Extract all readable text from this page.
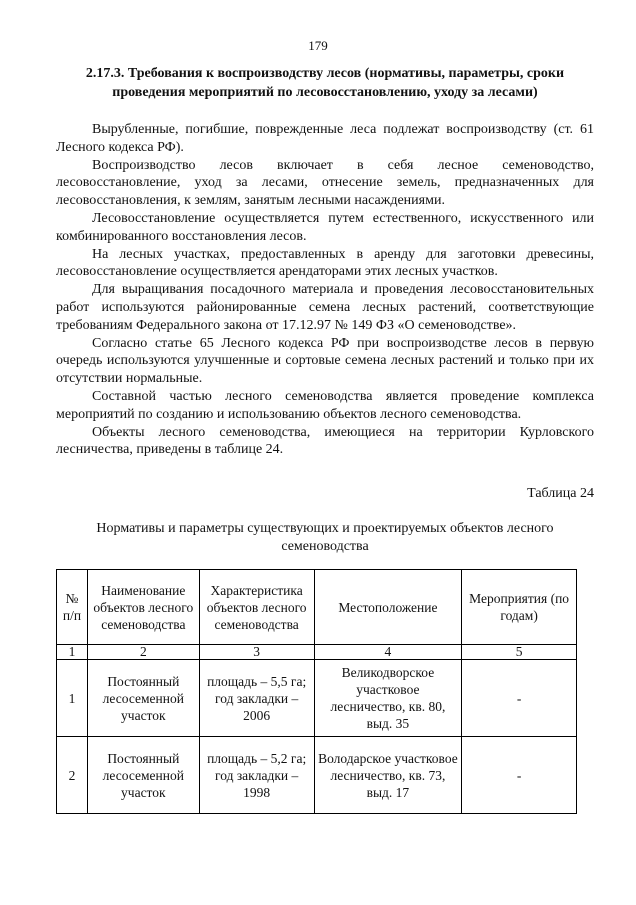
179
2.17.3. Требования к воспроизводству лесов (нормативы, параметры, сроки проведения мероприятий по лесовосстановлению, уходу за лесами)

Вырубленные, погибшие, поврежденные леса подлежат воспроизводству (ст. 61 Лесного кодекса РФ).

Воспроизводство лесов включает в себя лесное семеноводство, лесовосстановление, уход за лесами, отнесение земель, предназначенных для лесовосстановления, к землям, занятым лесными насаждениями.

Лесовосстановление осуществляется путем естественного, искусственного или комбинированного восстановления лесов.

На лесных участках, предоставленных в аренду для заготовки древесины, лесовосстановление осуществляется арендаторами этих лесных участков.

Для выращивания посадочного материала и проведения лесовосстановительных работ используются районированные семена лесных растений, соответствующие требованиям Федерального закона от 17.12.97 № 149 ФЗ «О семеноводстве».

Согласно статье 65 Лесного кодекса РФ при воспроизводстве лесов в первую очередь используются улучшенные и сортовые семена лесных растений и только при их отсутствии нормальные.

Составной частью лесного семеноводства является проведение комплекса мероприятий по созданию и использованию объектов лесного семеноводства.

Объекты лесного семеноводства, имеющиеся на территории Курловского лесничества, приведены в таблице 24.

Таблица 24
Нормативы и параметры существующих и проектируемых объектов лесного семеноводства
№ п/п	Наименование объектов лесного семеноводства	Характеристика объектов лесного семеноводства	Местоположение	Мероприятия (по годам)
1	2	3	4	5
1	Постоянный лесосеменной участок	площадь – 5,5 га; год закладки – 2006	Великодворское участковое лесничество, кв. 80, выд. 35	-
2	Постоянный лесосеменной участок	площадь – 5,2 га; год закладки – 1998	Володарское участковое лесничество, кв. 73, выд. 17	-
